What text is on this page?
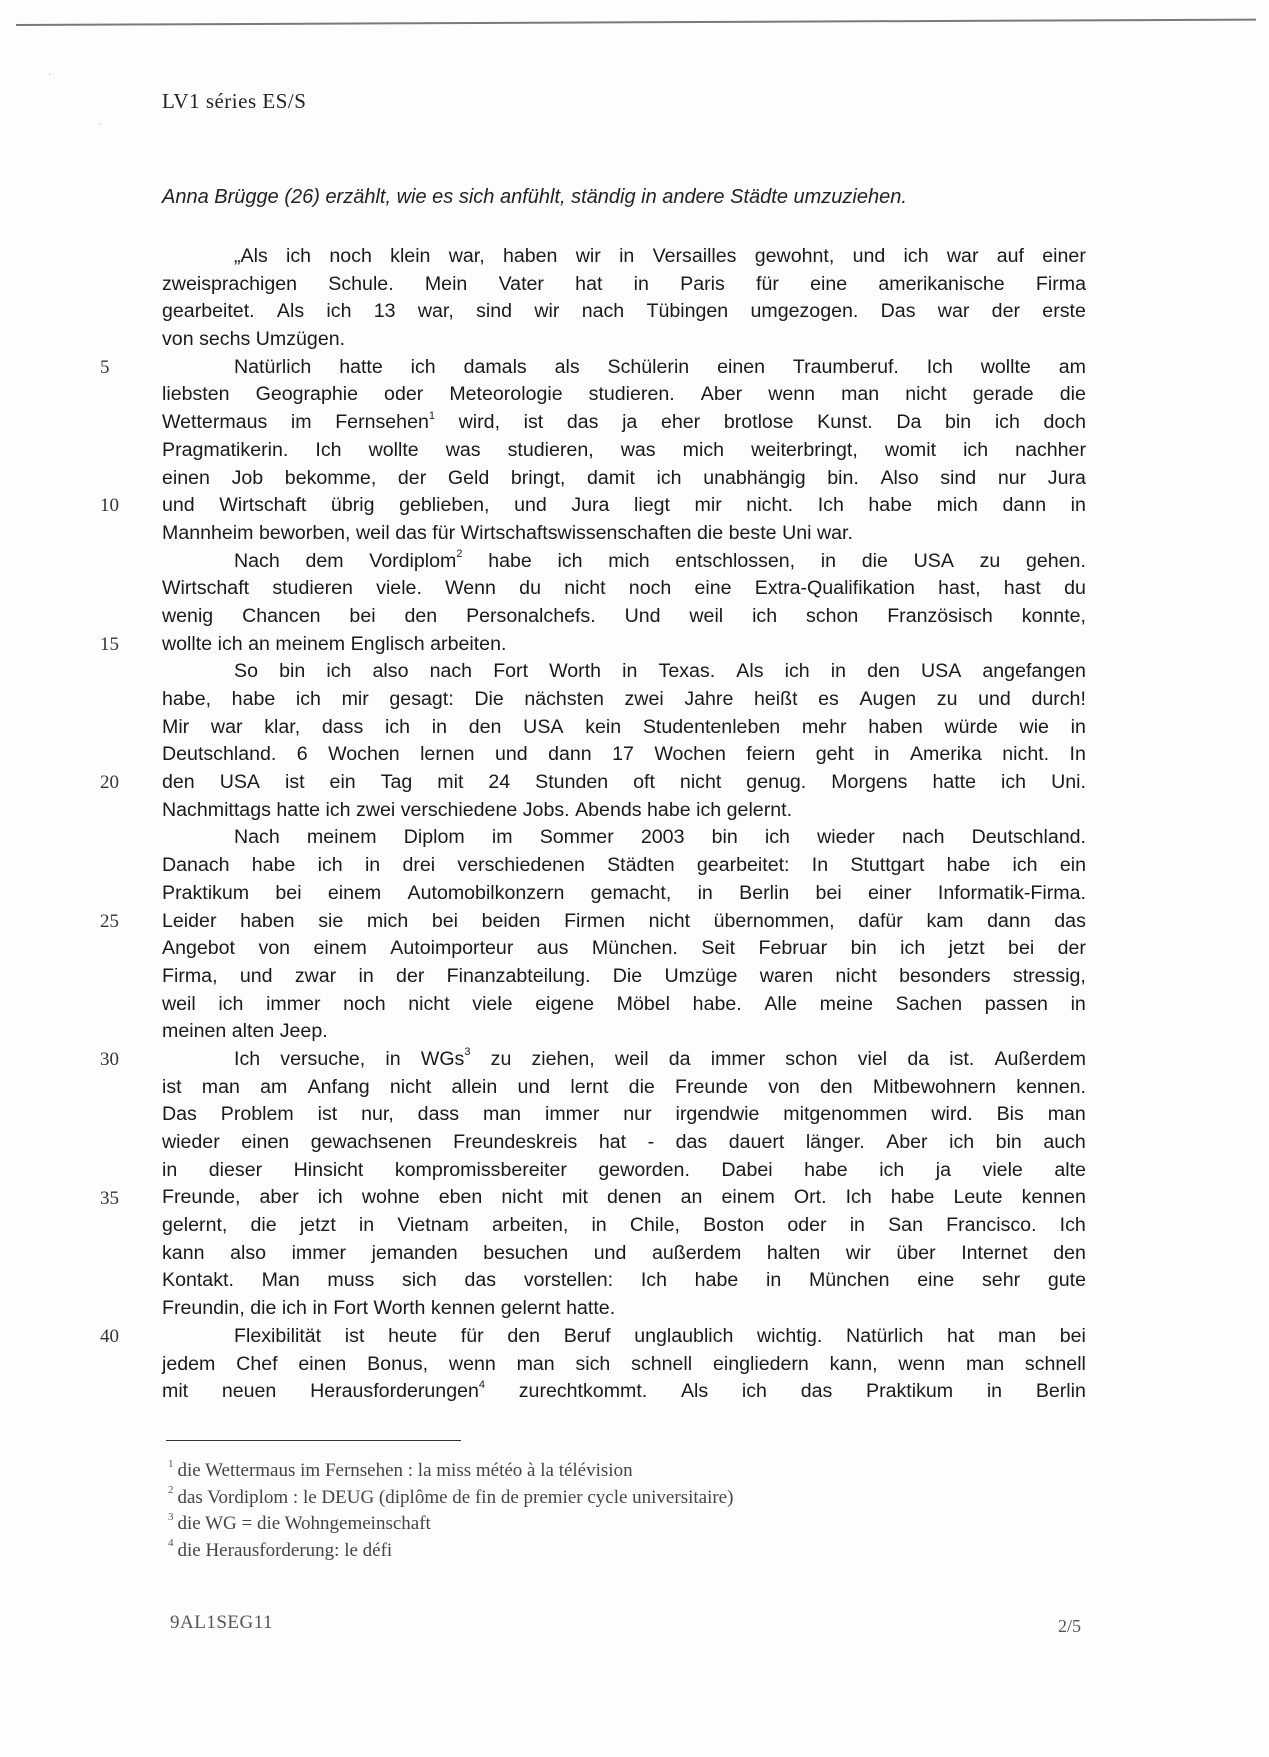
·
·
LV1 séries ES/S
Anna Brügge (26) erzählt, wie es sich anfühlt, ständig in andere Städte umzuziehen.
„Als ich noch klein war, haben wir in Versailles gewohnt, und ich war auf einer
zweisprachigen Schule. Mein Vater hat in Paris für eine amerikanische Firma
gearbeitet. Als ich 13 war, sind wir nach Tübingen umgezogen. Das war der erste
von sechs Umzügen.
Natürlich hatte ich damals als Schülerin einen Traumberuf. Ich wollte am
liebsten Geographie oder Meteorologie studieren. Aber wenn man nicht gerade die
Wettermaus im Fernsehen$^1$ wird, ist das ja eher brotlose Kunst. Da bin ich doch
Pragmatikerin. Ich wollte was studieren, was mich weiterbringt, womit ich nachher
einen Job bekomme, der Geld bringt, damit ich unabhängig bin. Also sind nur Jura
und Wirtschaft übrig geblieben, und Jura liegt mir nicht. Ich habe mich dann in
Mannheim beworben, weil das für Wirtschaftswissenschaften die beste Uni war.
Nach dem Vordiplom$^2$ habe ich mich entschlossen, in die USA zu gehen.
Wirtschaft studieren viele. Wenn du nicht noch eine Extra-Qualifikation hast, hast du
wenig Chancen bei den Personalchefs. Und weil ich schon Französisch konnte,
wollte ich an meinem Englisch arbeiten.
So bin ich also nach Fort Worth in Texas. Als ich in den USA angefangen
habe, habe ich mir gesagt: Die nächsten zwei Jahre heißt es Augen zu und durch!
Mir war klar, dass ich in den USA kein Studentenleben mehr haben würde wie in
Deutschland. 6 Wochen lernen und dann 17 Wochen feiern geht in Amerika nicht. In
den USA ist ein Tag mit 24 Stunden oft nicht genug. Morgens hatte ich Uni.
Nachmittags hatte ich zwei verschiedene Jobs. Abends habe ich gelernt.
Nach meinem Diplom im Sommer 2003 bin ich wieder nach Deutschland.
Danach habe ich in drei verschiedenen Städten gearbeitet: In Stuttgart habe ich ein
Praktikum bei einem Automobilkonzern gemacht, in Berlin bei einer Informatik-Firma.
Leider haben sie mich bei beiden Firmen nicht übernommen, dafür kam dann das
Angebot von einem Autoimporteur aus München. Seit Februar bin ich jetzt bei der
Firma, und zwar in der Finanzabteilung. Die Umzüge waren nicht besonders stressig,
weil ich immer noch nicht viele eigene Möbel habe. Alle meine Sachen passen in
meinen alten Jeep.
Ich versuche, in WGs$^3$ zu ziehen, weil da immer schon viel da ist. Außerdem
ist man am Anfang nicht allein und lernt die Freunde von den Mitbewohnern kennen.
Das Problem ist nur, dass man immer nur irgendwie mitgenommen wird. Bis man
wieder einen gewachsenen Freundeskreis hat - das dauert länger. Aber ich bin auch
in dieser Hinsicht kompromissbereiter geworden. Dabei habe ich ja viele alte
Freunde, aber ich wohne eben nicht mit denen an einem Ort. Ich habe Leute kennen
gelernt, die jetzt in Vietnam arbeiten, in Chile, Boston oder in San Francisco. Ich
kann also immer jemanden besuchen und außerdem halten wir über Internet den
Kontakt. Man muss sich das vorstellen: Ich habe in München eine sehr gute
Freundin, die ich in Fort Worth kennen gelernt hatte.
Flexibilität ist heute für den Beruf unglaublich wichtig. Natürlich hat man bei
jedem Chef einen Bonus, wenn man sich schnell eingliedern kann, wenn man schnell
mit neuen Herausforderungen$^4$ zurechtkommt. Als ich das Praktikum in Berlin
5
10
15
20
25
30
35
40
$^1$ die Wettermaus im Fernsehen : la miss météo à la télévision
$^2$ das Vordiplom : le DEUG (diplôme de fin de premier cycle universitaire)
$^3$ die WG = die Wohngemeinschaft
$^4$ die Herausforderung: le défi
9AL1SEG11	2/5
